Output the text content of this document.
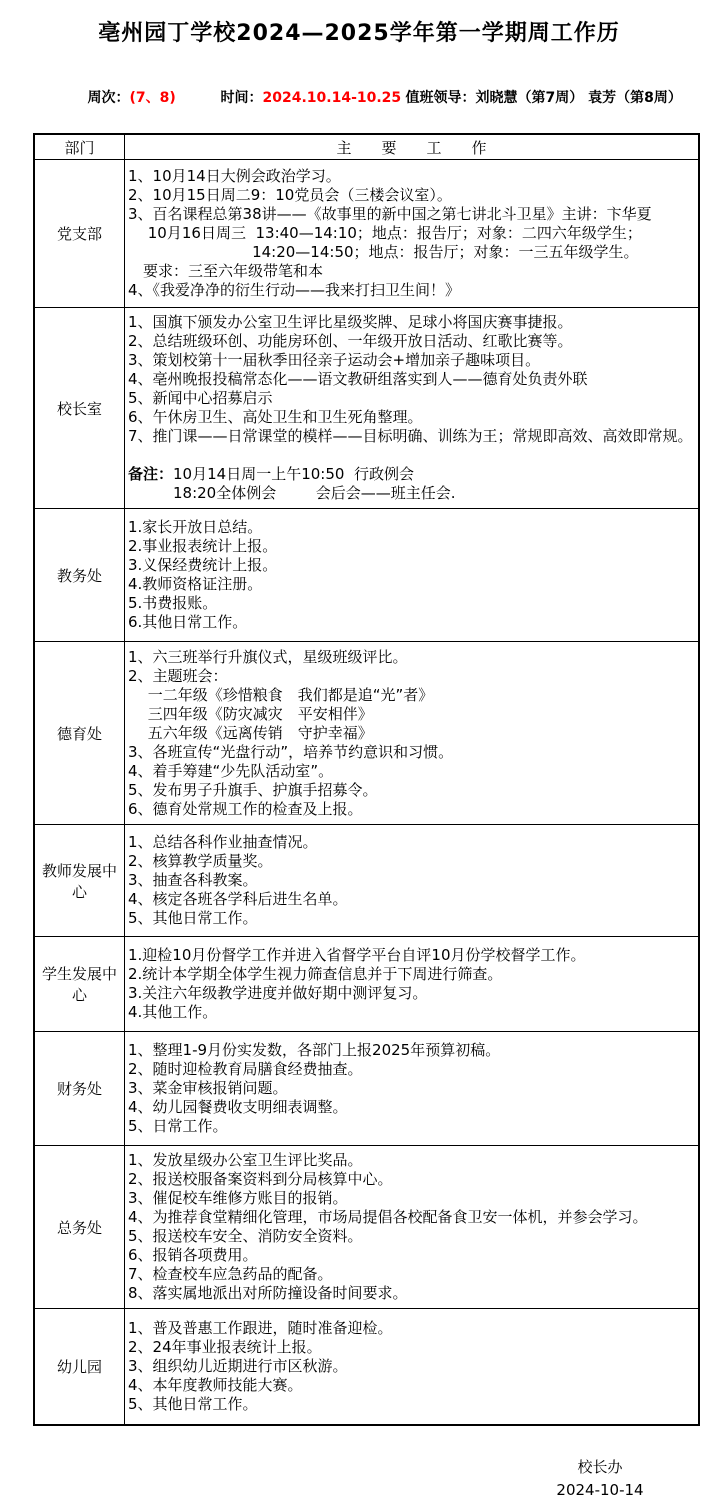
亳州园丁学校2024—2025学年第一学期周工作历

周次：(7、8)	时间：2024.10.14-10.25 值班领导：刘晓慧（第7周） 袁芳（第8周）

部门	主　　要　　工　　作
党支部	
1、10月14日大例会政治学习。
2、10月15日周二9：10党员会（三楼会议室）。
3、百名课程总第38讲——《故事里的新中国之第七讲北斗卫星》主讲：卞华夏
　 10月16日周三  13:40—14:10；地点：报告厅；对象：二四六年级学生；
　 　　　　　　   14:20—14:50；地点：报告厅；对象：一三五年级学生。
　要求：三至六年级带笔和本
4、《我爱净净的衍生行动——我来打扫卫生间！》

校长室	
1、国旗下颁发办公室卫生评比星级奖牌、足球小将国庆赛事捷报。
2、总结班级环创、功能房环创、一年级开放日活动、红歌比赛等。
3、策划校第十一届秋季田径亲子运动会+增加亲子趣味项目。
4、亳州晚报投稿常态化——语文教研组落实到人——德育处负责外联
5、新闻中心招募启示
6、午休房卫生、高处卫生和卫生死角整理。
7、推门课——日常课堂的模样——目标明确、训练为王；常规即高效、高效即常规。
备注：10月14日周一上午10:50  行政例会
　　　18:20全体例会　　  会后会——班主任会.

教务处	
1.家长开放日总结。
2.事业报表统计上报。
3.义保经费统计上报。
4.教师资格证注册。
5.书费报账。
6.其他日常工作。

德育处	
1、六三班举行升旗仪式，星级班级评比。
2、主题班会：
　 一二年级《珍惜粮食　我们都是追“光”者》
　 三四年级《防灾减灾　平安相伴》
　 五六年级《远离传销　守护幸福》
3、各班宣传“光盘行动”，培养节约意识和习惯。
4、着手筹建“少先队活动室”。
5、发布男子升旗手、护旗手招募令。
6、德育处常规工作的检查及上报。

教师发展中心	1、总结各科作业抽查情况。
2、核算教学质量奖。
3、抽查各科教案。
4、核定各班各学科后进生名单。
5、其他日常工作。

学生发展中心	1.迎检10月份督学工作并进入省督学平台自评10月份学校督学工作。
2.统计本学期全体学生视力筛查信息并于下周进行筛查。
3.关注六年级教学进度并做好期中测评复习。
4.其他工作。

财务处	1、整理1-9月份实发数，各部门上报2025年预算初稿。
2、随时迎检教育局膳食经费抽查。
3、菜金审核报销问题。
4、幼儿园餐费收支明细表调整。
5、日常工作。

总务处	
1、发放星级办公室卫生评比奖品。
2、报送校服备案资料到分局核算中心。
3、催促校车维修方账目的报销。
4、为推荐食堂精细化管理，市场局提倡各校配备食卫安一体机，并参会学习。
5、报送校车安全、消防安全资料。
6、报销各项费用。
7、检查校车应急药品的配备。
8、落实属地派出对所防撞设备时间要求。

幼儿园	1、普及普惠工作跟进，随时准备迎检。
2、24年事业报表统计上报。
3、组织幼儿近期进行市区秋游。
4、本年度教师技能大赛。
5、其他日常工作。
校长办
2024-10-14
